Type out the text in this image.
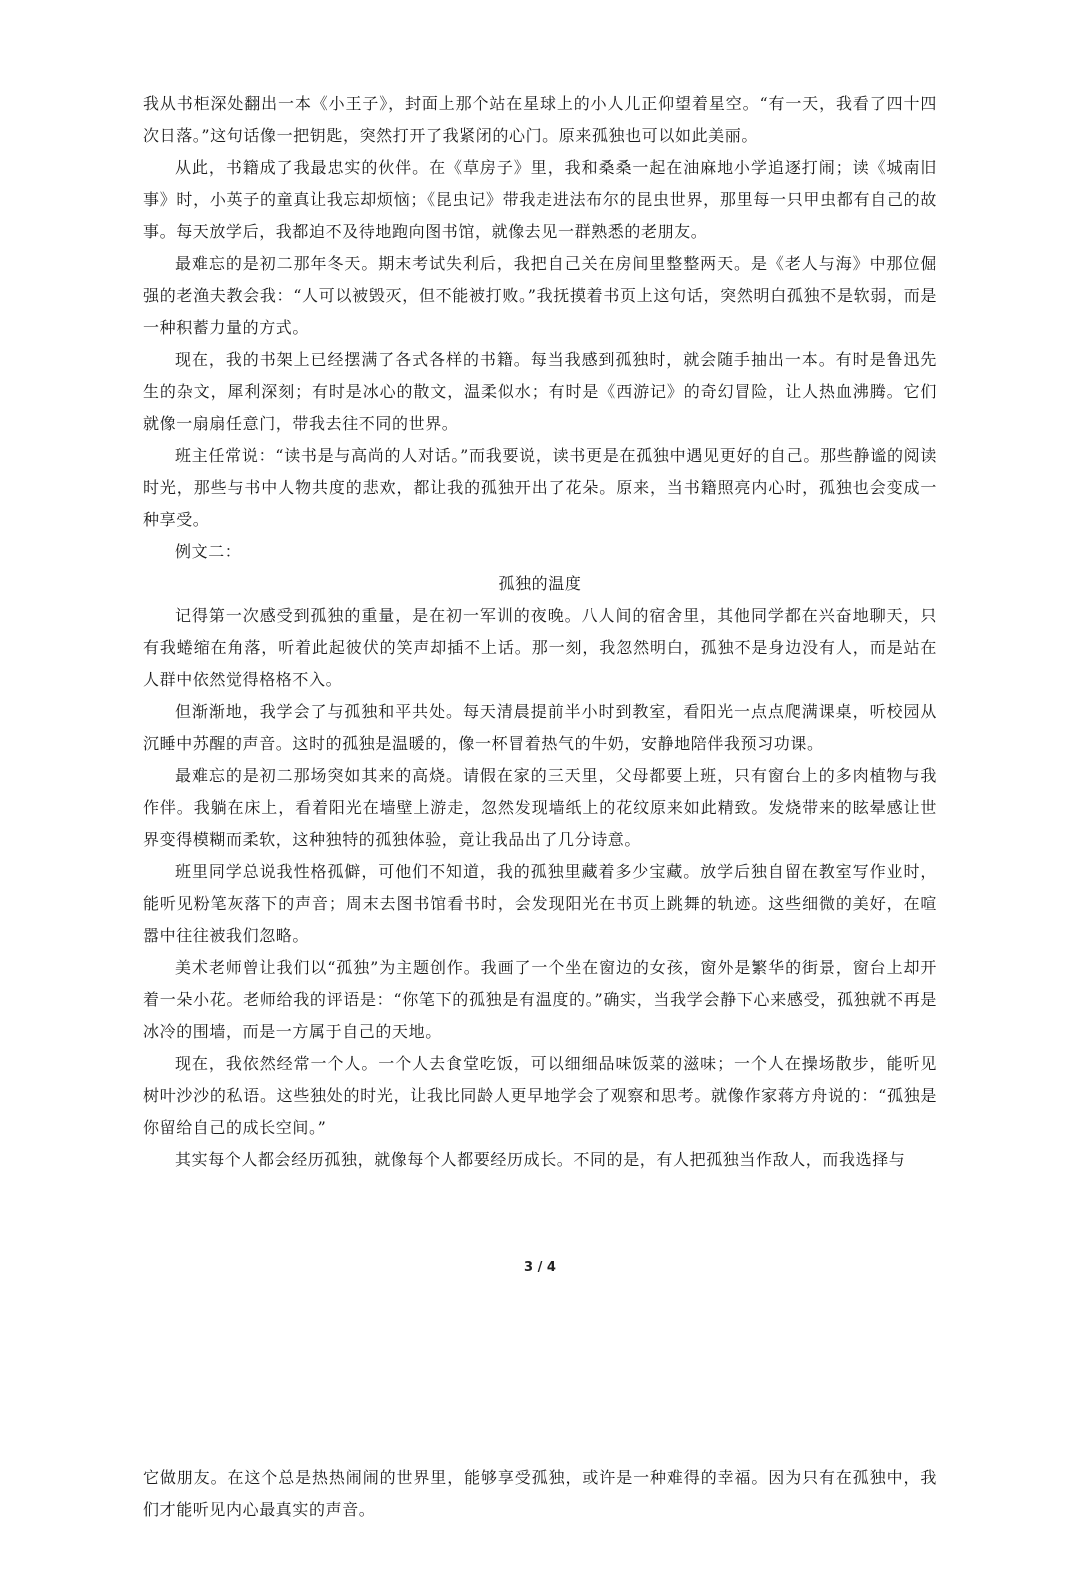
我从书柜深处翻出一本《小王子》，封面上那个站在星球上的小人儿正仰望着星空。“有一天，我看了四十四次日落。”这句话像一把钥匙，突然打开了我紧闭的心门。原来孤独也可以如此美丽。

从此，书籍成了我最忠实的伙伴。在《草房子》里，我和桑桑一起在油麻地小学追逐打闹；读《城南旧事》时，小英子的童真让我忘却烦恼；《昆虫记》带我走进法布尔的昆虫世界，那里每一只甲虫都有自己的故事。每天放学后，我都迫不及待地跑向图书馆，就像去见一群熟悉的老朋友。

最难忘的是初二那年冬天。期末考试失利后，我把自己关在房间里整整两天。是《老人与海》中那位倔强的老渔夫教会我：“人可以被毁灭，但不能被打败。”我抚摸着书页上这句话，突然明白孤独不是软弱，而是一种积蓄力量的方式。

现在，我的书架上已经摆满了各式各样的书籍。每当我感到孤独时，就会随手抽出一本。有时是鲁迅先生的杂文，犀利深刻；有时是冰心的散文，温柔似水；有时是《西游记》的奇幻冒险，让人热血沸腾。它们就像一扇扇任意门，带我去往不同的世界。

班主任常说：“读书是与高尚的人对话。”而我要说，读书更是在孤独中遇见更好的自己。那些静谧的阅读时光，那些与书中人物共度的悲欢，都让我的孤独开出了花朵。原来，当书籍照亮内心时，孤独也会变成一种享受。

例文二：

孤独的温度

记得第一次感受到孤独的重量，是在初一军训的夜晚。八人间的宿舍里，其他同学都在兴奋地聊天，只有我蜷缩在角落，听着此起彼伏的笑声却插不上话。那一刻，我忽然明白，孤独不是身边没有人，而是站在人群中依然觉得格格不入。

但渐渐地，我学会了与孤独和平共处。每天清晨提前半小时到教室，看阳光一点点爬满课桌，听校园从沉睡中苏醒的声音。这时的孤独是温暖的，像一杯冒着热气的牛奶，安静地陪伴我预习功课。

最难忘的是初二那场突如其来的高烧。请假在家的三天里，父母都要上班，只有窗台上的多肉植物与我作伴。我躺在床上，看着阳光在墙壁上游走，忽然发现墙纸上的花纹原来如此精致。发烧带来的眩晕感让世界变得模糊而柔软，这种独特的孤独体验，竟让我品出了几分诗意。

班里同学总说我性格孤僻，可他们不知道，我的孤独里藏着多少宝藏。放学后独自留在教室写作业时，能听见粉笔灰落下的声音；周末去图书馆看书时，会发现阳光在书页上跳舞的轨迹。这些细微的美好，在喧嚣中往往被我们忽略。

美术老师曾让我们以“孤独”为主题创作。我画了一个坐在窗边的女孩，窗外是繁华的街景，窗台上却开着一朵小花。老师给我的评语是：“你笔下的孤独是有温度的。”确实，当我学会静下心来感受，孤独就不再是冰冷的围墙，而是一方属于自己的天地。

现在，我依然经常一个人。一个人去食堂吃饭，可以细细品味饭菜的滋味；一个人在操场散步，能听见树叶沙沙的私语。这些独处的时光，让我比同龄人更早地学会了观察和思考。就像作家蒋方舟说的：“孤独是你留给自己的成长空间。”

其实每个人都会经历孤独，就像每个人都要经历成长。不同的是，有人把孤独当作敌人，而我选择与

3 / 4

它做朋友。在这个总是热热闹闹的世界里，能够享受孤独，或许是一种难得的幸福。因为只有在孤独中，我们才能听见内心最真实的声音。
